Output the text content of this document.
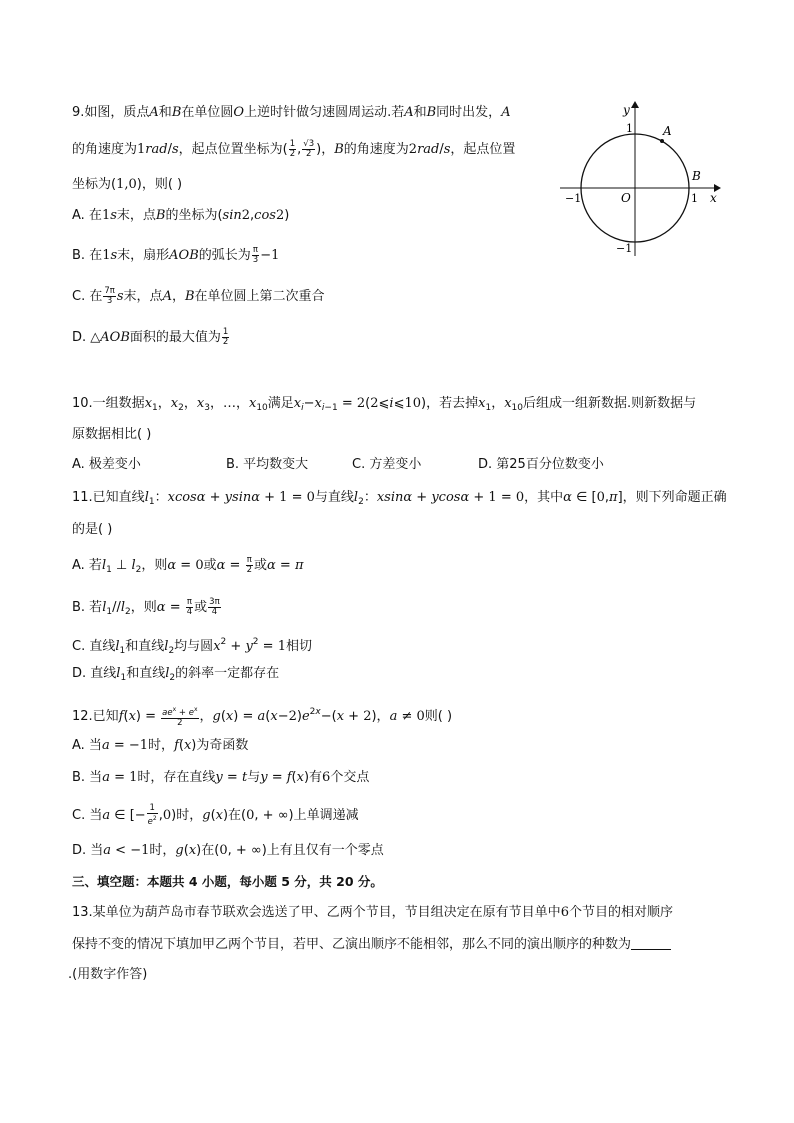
9.如图，质点A和B在单位圆O上逆时针做匀速圆周运动.若A和B同时出发，A
的角速度为1rad/s，起点位置坐标为( $\frac{1}{2}$ , $\frac{√3}{2}$ )，B的角速度为2rad/s，起点位置
坐标为(1,0)，则( )
A. 在1s末，点B的坐标为(sin2,cos2)
B. 在1s末，扇形AOB的弧长为 $\frac{\pi}{3} -1$
C. 在 $\frac{7\pi}{3}$ s末，点A，B在单位圆上第二次重合
D. △AOB面积的最大值为 $\frac{1}{2}$
y
x
A
B
O
1
1
−1
−1
10.一组数据$x_1$，$x_2$，$x_3$，…，$x_{10}$满足$x_i-x_{i-1}$ = 2(2⩽i⩽10)，若去掉$x_1$，$x_{10}$后组成一组新数据.则新数据与
原数据相比( )
A. 极差变小	B. 平均数变大	C. 方差变小	D. 第25百分位数变小
11.已知直线$l_1$：xcosα + ysinα + 1 = 0与直线$l_2$：xsinα + ycosα + 1 = 0，其中α ∈ [0,π]，则下列命题正确
的是( )
A. 若$l_1$ ⊥ $l_2$，则α = 0或$\alpha = \frac{\pi}{2}$ 或α = π
B. 若$l_1//l_2$，则$\alpha = \frac{\pi}{4}$ 或 $\frac{3\pi}{4}$
C. 直线$l_1$和直线$l_2$均与圆$x^2 + y^2 = 1$相切
D. 直线$l_1$和直线$l_2$的斜率一定都存在
12.已知$f(x) = \frac{ae^x + e^x}{2}$ ，$g(x) = a(x-2)e^{2x}-(x + 2)$，a ≠ 0则( )
A. 当a = −1时，f(x)为奇函数
B. 当a = 1时，存在直线y = t与y = f(x)有6个交点
C. 当a ∈ [− $\frac{1}{e^2} ,0$)时，g(x)在(0, + ∞)上单调递减
D. 当a < −1时，g(x)在(0, + ∞)上有且仅有一个零点
三、填空题：本题共 4 小题，每小题 5 分，共 20 分。
13.某单位为葫芦岛市春节联欢会选送了甲、乙两个节目，节目组决定在原有节目单中6个节目的相对顺序
保持不变的情况下填加甲乙两个节目，若甲、乙演出顺序不能相邻，那么不同的演出顺序的种数为
.(用数字作答)
